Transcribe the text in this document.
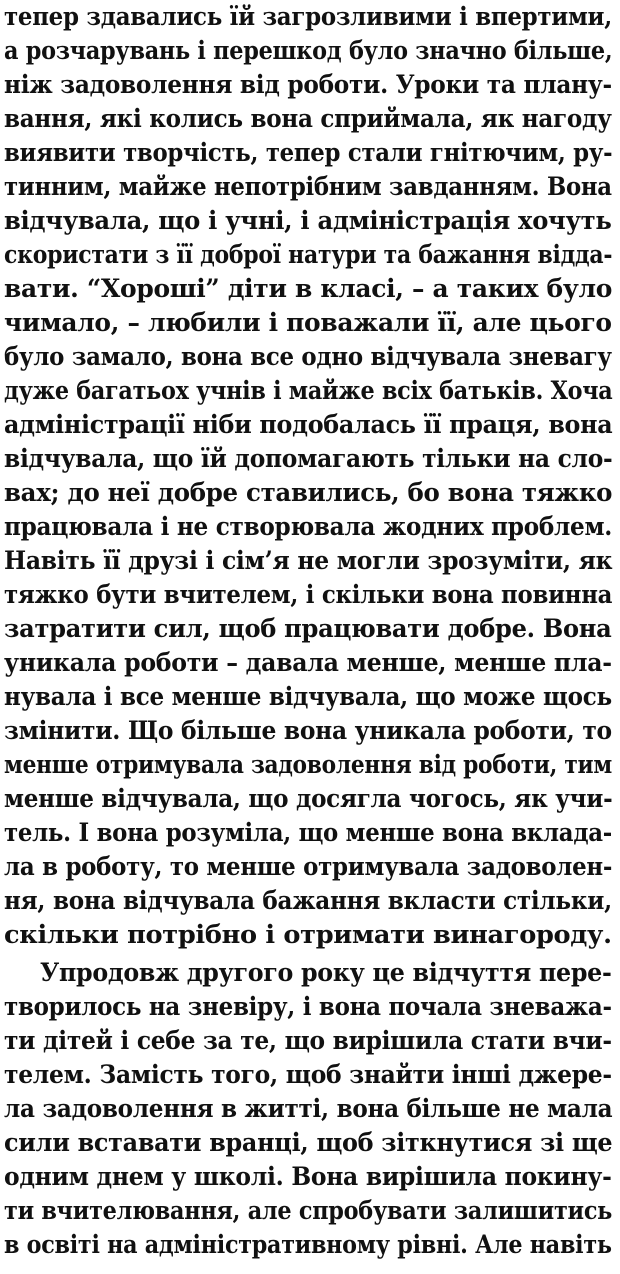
тепер здавались їй загрозливими і впертими,
а розчарувань і перешкод було значно більше,
ніж задоволення від роботи. Уроки та плану-
вання, які колись вона сприймала, як нагоду
виявити творчість, тепер стали гнітючим, ру-
тинним, майже непотрібним завданням. Вона
відчувала, що і учні, і адміністрація хочуть
скористати з її доброї натури та бажання відда-
вати. “Хороші” діти в класі, – а таких було
чимало, – любили і поважали її, але цього
було замало, вона все одно відчувала зневагу
дуже багатьох учнів і майже всіх батьків. Хоча
адміністрації ніби подобалась її праця, вона
відчувала, що їй допомагають тільки на сло-
вах; до неї добре ставились, бо вона тяжко
працювала і не створювала жодних проблем.
Навіть її друзі і сім’я не могли зрозуміти, як
тяжко бути вчителем, і скільки вона повинна
затратити сил, щоб працювати добре. Вона
уникала роботи – давала менше, менше пла-
нувала і все менше відчувала, що може щось
змінити. Що більше вона уникала роботи, то
менше отримувала задоволення від роботи, тим
менше відчувала, що досягла чогось, як учи-
тель. І вона розуміла, що менше вона вклада-
ла в роботу, то менше отримувала задоволен-
ня, вона відчувала бажання вкласти стільки,
скільки потрібно і отримати винагороду.
Упродовж другого року це відчуття пере-
творилось на зневіру, і вона почала зневажа-
ти дітей і себе за те, що вирішила стати вчи-
телем. Замість того, щоб знайти інші джере-
ла задоволення в житті, вона більше не мала
сили вставати вранці, щоб зіткнутися зі ще
одним днем у школі. Вона вирішила покину-
ти вчителювання, але спробувати залишитись
в освіті на адміністративному рівні. Але навіть
